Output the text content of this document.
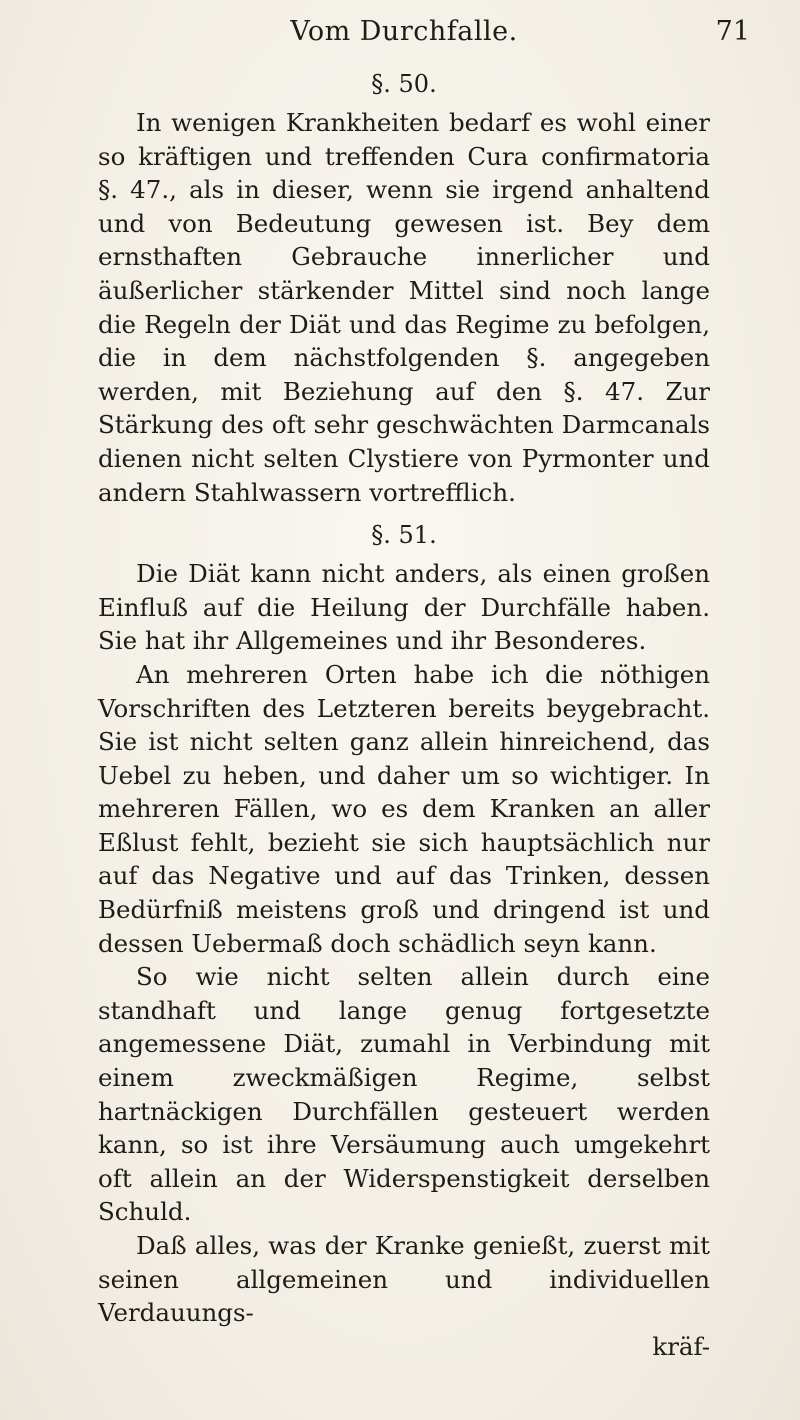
Vom Durchfalle.	71
§. 50.

In wenigen Krankheiten bedarf es wohl einer so kräftigen und treffenden Cura confirmatoria §. 47., als in dieser, wenn sie irgend anhaltend und von Bedeutung gewesen ist. Bey dem ernsthaften Gebrauche innerlicher und äußerlicher stärkender Mittel sind noch lange die Regeln der Diät und das Regime zu befolgen, die in dem nächstfolgenden §. angegeben werden, mit Beziehung auf den §. 47. Zur Stärkung des oft sehr geschwächten Darmcanals dienen nicht selten Clystiere von Pyrmonter und andern Stahlwassern vortrefflich.

§. 51.

Die Diät kann nicht anders, als einen großen Einfluß auf die Heilung der Durchfälle haben. Sie hat ihr Allgemeines und ihr Besonderes.

An mehreren Orten habe ich die nöthigen Vorschriften des Letzteren bereits beygebracht. Sie ist nicht selten ganz allein hinreichend, das Uebel zu heben, und daher um so wichtiger. In mehreren Fällen, wo es dem Kranken an aller Eßlust fehlt, bezieht sie sich hauptsächlich nur auf das Negative und auf das Trinken, dessen Bedürfniß meistens groß und dringend ist und dessen Uebermaß doch schädlich seyn kann.

So wie nicht selten allein durch eine standhaft und lange genug fortgesetzte angemessene Diät, zumahl in Verbindung mit einem zweckmäßigen Regime, selbst hartnäckigen Durchfällen gesteuert werden kann, so ist ihre Versäumung auch umgekehrt oft allein an der Widerspenstigkeit derselben Schuld.

Daß alles, was der Kranke genießt, zuerst mit seinen allgemeinen und individuellen Verdauungs-

kräf-
